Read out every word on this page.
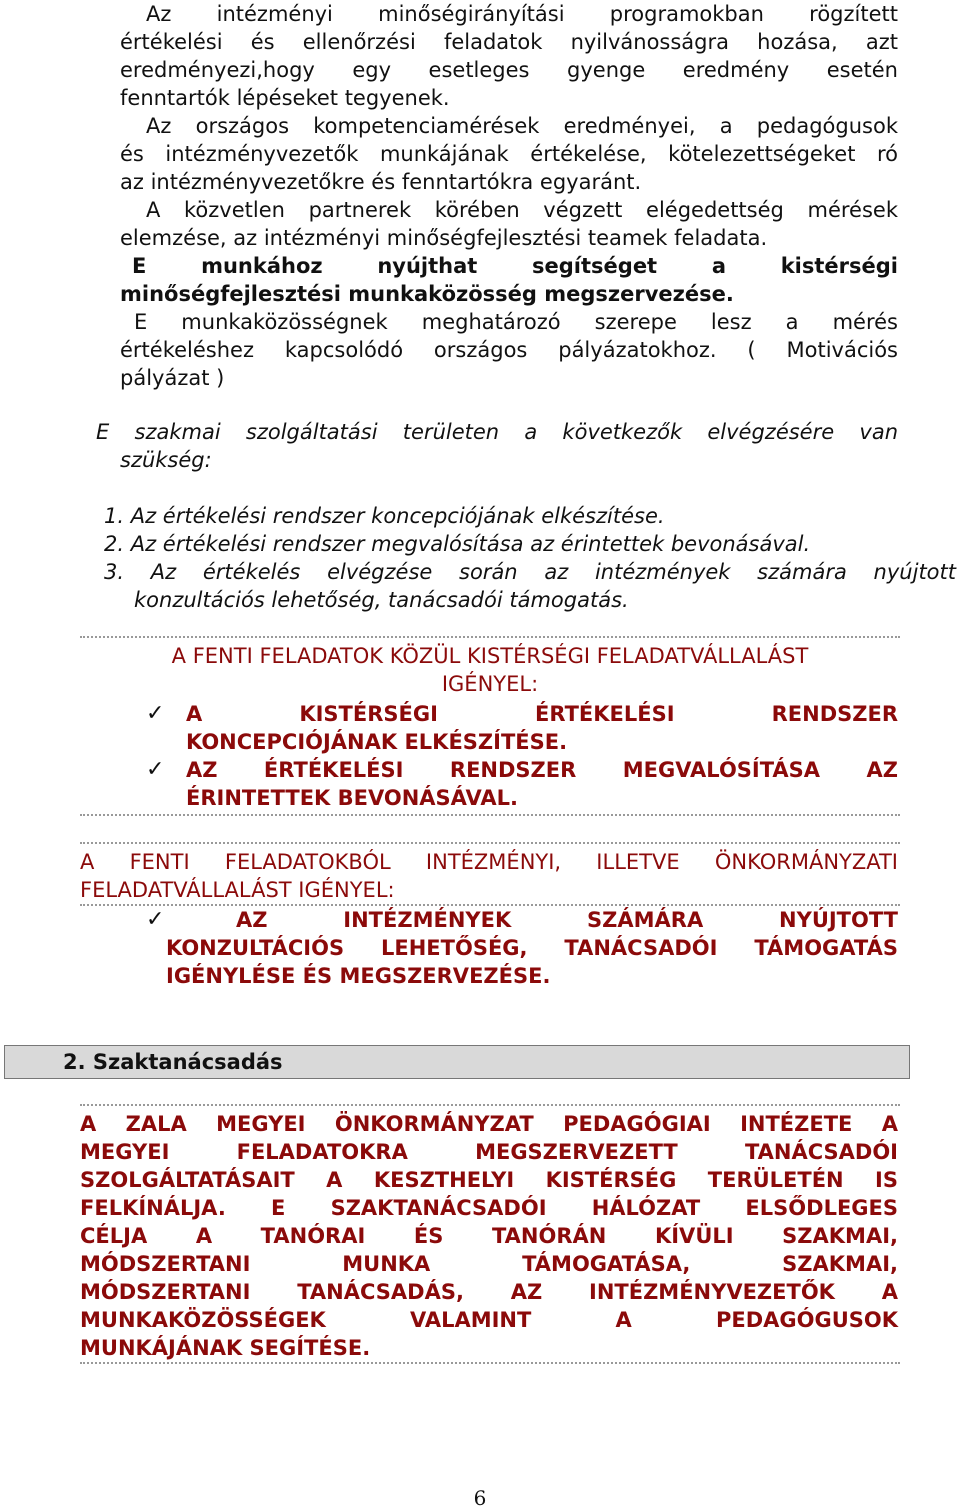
Az intézményi minőségirányítási programokban rögzített
értékelési és ellenőrzési feladatok nyilvánosságra hozása, azt
eredményezi,hogy egy esetleges gyenge eredmény esetén
fenntartók lépéseket tegyenek.
Az országos kompetenciamérések eredményei, a pedagógusok
és intézményvezetők munkájának értékelése, kötelezettségeket ró
az intézményvezetőkre és fenntartókra egyaránt.
A közvetlen partnerek körében végzett elégedettség mérések
elemzése, az intézményi minőségfejlesztési teamek feladata.
E munkához nyújthat segítséget a kistérségi
minőségfejlesztési munkaközösség megszervezése.
E munkaközösségnek meghatározó szerepe lesz a mérés
értékeléshez kapcsolódó országos pályázatokhoz. ( Motivációs
pályázat )
E szakmai szolgáltatási területen a következők elvégzésére van
szükség:
1. Az értékelési rendszer koncepciójának elkészítése.
2. Az értékelési rendszer megvalósítása az érintettek bevonásával.
3. Az értékelés elvégzése során az intézmények számára nyújtott
konzultációs lehetőség, tanácsadói támogatás.
A FENTI FELADATOK KÖZÜL KISTÉRSÉGI FELADATVÁLLALÁST
IGÉNYEL:
✓ A KISTÉRSÉGI ÉRTÉKELÉSI RENDSZER
KONCEPCIÓJÁNAK ELKÉSZÍTÉSE.
✓ AZ ÉRTÉKELÉSI RENDSZER MEGVALÓSÍTÁSA AZ
ÉRINTETTEK BEVONÁSÁVAL.
A FENTI FELADATOKBÓL INTÉZMÉNYI, ILLETVE ÖNKORMÁNYZATI
FELADATVÁLLALÁST IGÉNYEL:
✓	AZ INTÉZMÉNYEK SZÁMÁRA NYÚJTOTT
KONZULTÁCIÓS LEHETŐSÉG, TANÁCSADÓI TÁMOGATÁS
IGÉNYLÉSE ÉS MEGSZERVEZÉSE.
2. Szaktanácsadás
A ZALA MEGYEI ÖNKORMÁNYZAT PEDAGÓGIAI INTÉZETE A
MEGYEI FELADATOKRA MEGSZERVEZETT TANÁCSADÓI
SZOLGÁLTATÁSAIT A KESZTHELYI KISTÉRSÉG TERÜLETÉN IS
FELKÍNÁLJA. E SZAKTANÁCSADÓI HÁLÓZAT ELSŐDLEGES
CÉLJA A TANÓRAI ÉS TANÓRÁN KÍVÜLI SZAKMAI,
MÓDSZERTANI MUNKA TÁMOGATÁSA, SZAKMAI,
MÓDSZERTANI TANÁCSADÁS, AZ INTÉZMÉNYVEZETŐK A
MUNKAKÖZÖSSÉGEK VALAMINT A PEDAGÓGUSOK
MUNKÁJÁNAK SEGÍTÉSE.
6
